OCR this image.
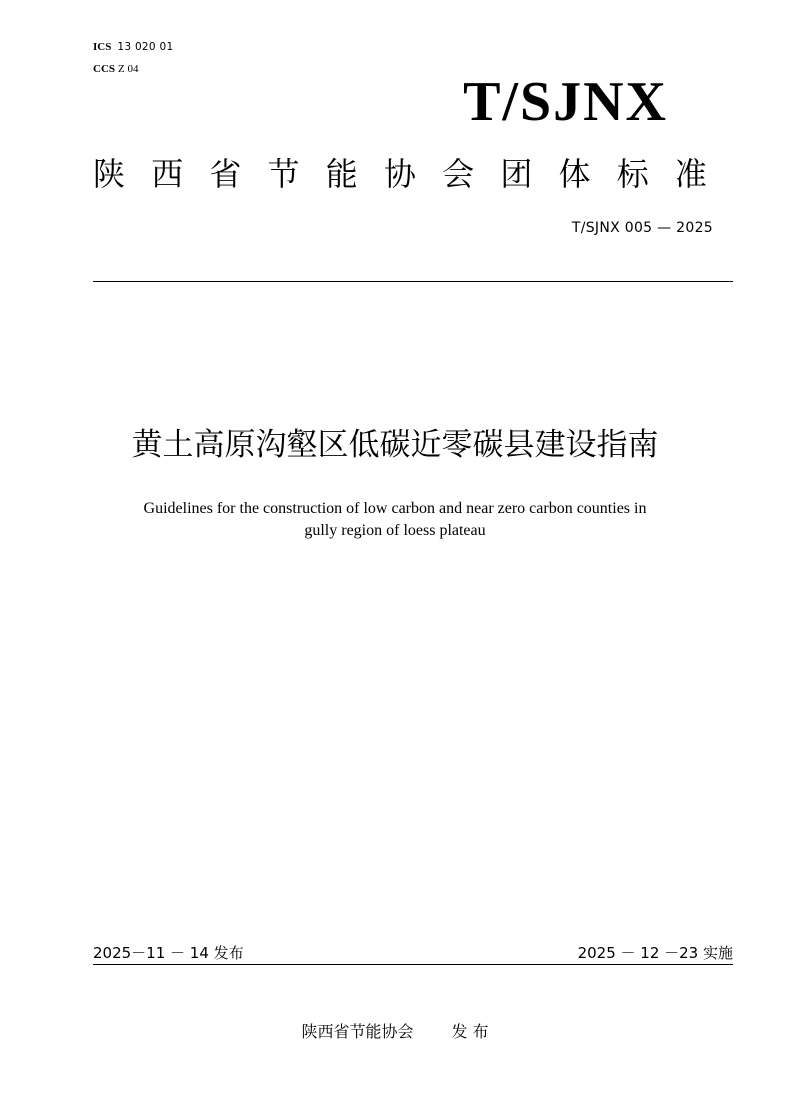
ICS 13 020 01
CCS Z 04
T/SJNX
陕 西 省 节 能 协 会 团 体 标 准
T/SJNX 005 — 2025
黄土高原沟壑区低碳近零碳县建设指南
Guidelines for the construction of low carbon and near zero carbon counties in
gully region of loess plateau
2025－11 － 14 发布	2025 － 12 －23 实施
陕西省节能协会 发 布
